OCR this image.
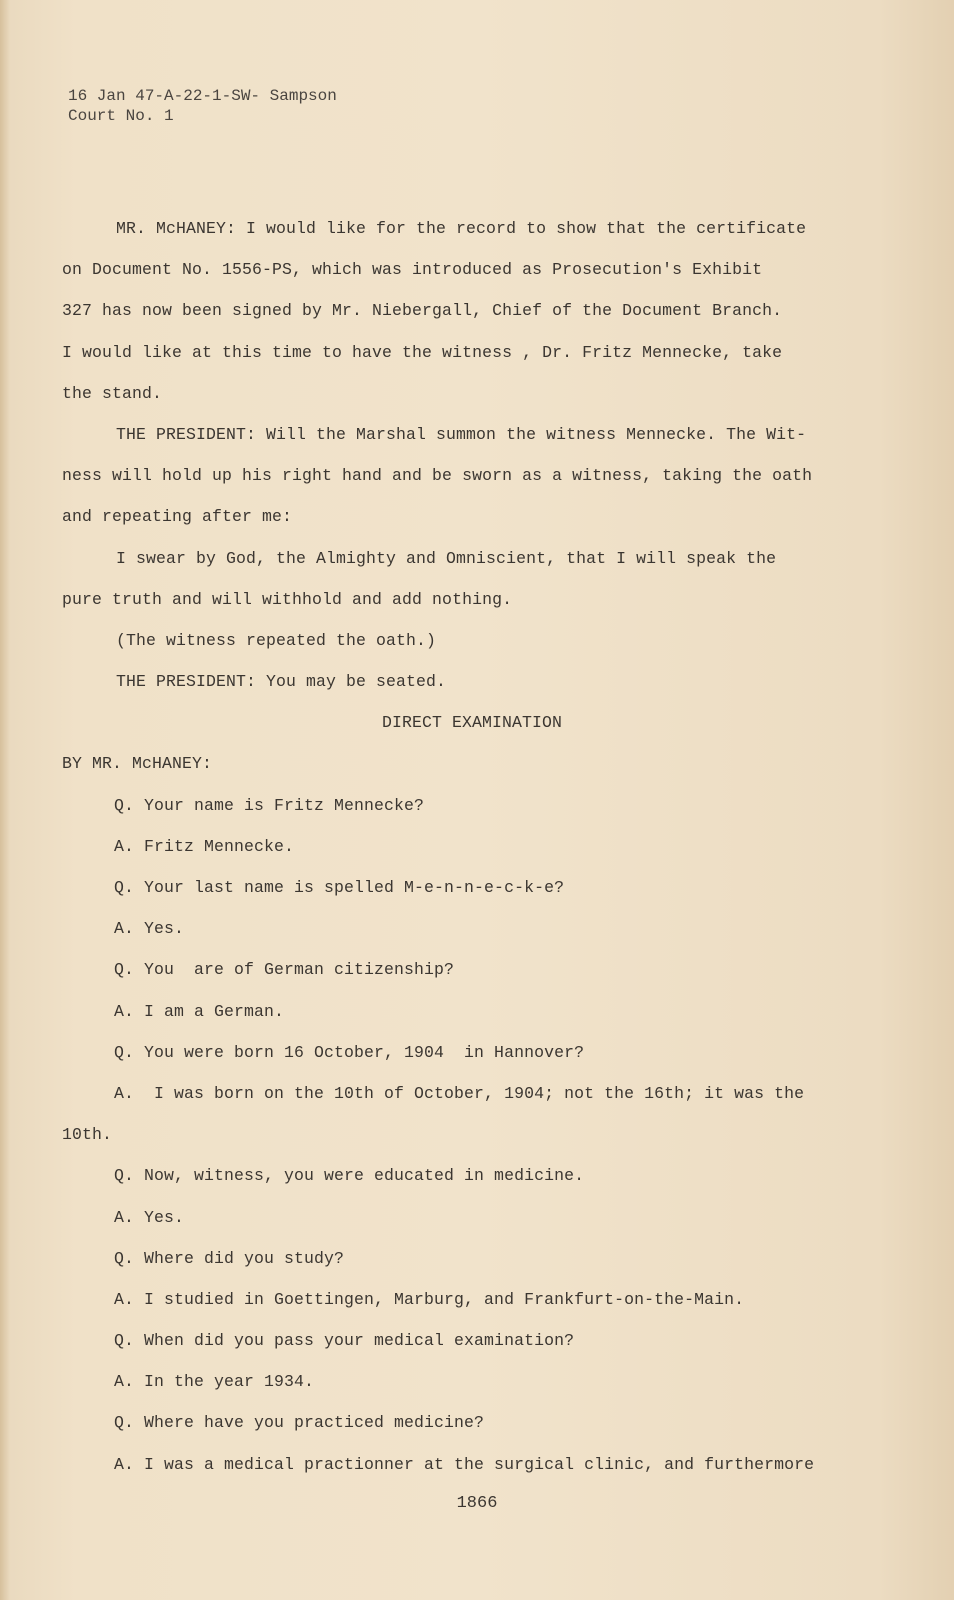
16 Jan 47-A-22-1-SW- Sampson
Court No. 1
MR. McHANEY: I would like for the record to show that the certificate
on Document No. 1556-PS, which was introduced as Prosecution's Exhibit
327 has now been signed by Mr. Niebergall, Chief of the Document Branch.
I would like at this time to have the witness , Dr. Fritz Mennecke, take
the stand.
THE PRESIDENT: Will the Marshal summon the witness Mennecke. The Wit-
ness will hold up his right hand and be sworn as a witness, taking the oath
and repeating after me:
I swear by God, the Almighty and Omniscient, that I will speak the
pure truth and will withhold and add nothing.
(The witness repeated the oath.)
THE PRESIDENT: You may be seated.
DIRECT EXAMINATION
BY MR. McHANEY:
Q. Your name is Fritz Mennecke?
A. Fritz Mennecke.
Q. Your last name is spelled M-e-n-n-e-c-k-e?
A. Yes.
Q. You  are of German citizenship?
A. I am a German.
Q. You were born 16 October, 1904  in Hannover?
A.  I was born on the 10th of October, 1904; not the 16th; it was the
10th.
Q. Now, witness, you were educated in medicine.
A. Yes.
Q. Where did you study?
A. I studied in Goettingen, Marburg, and Frankfurt-on-the-Main.
Q. When did you pass your medical examination?
A. In the year 1934.
Q. Where have you practiced medicine?
A. I was a medical practionner at the surgical clinic, and furthermore
1866
